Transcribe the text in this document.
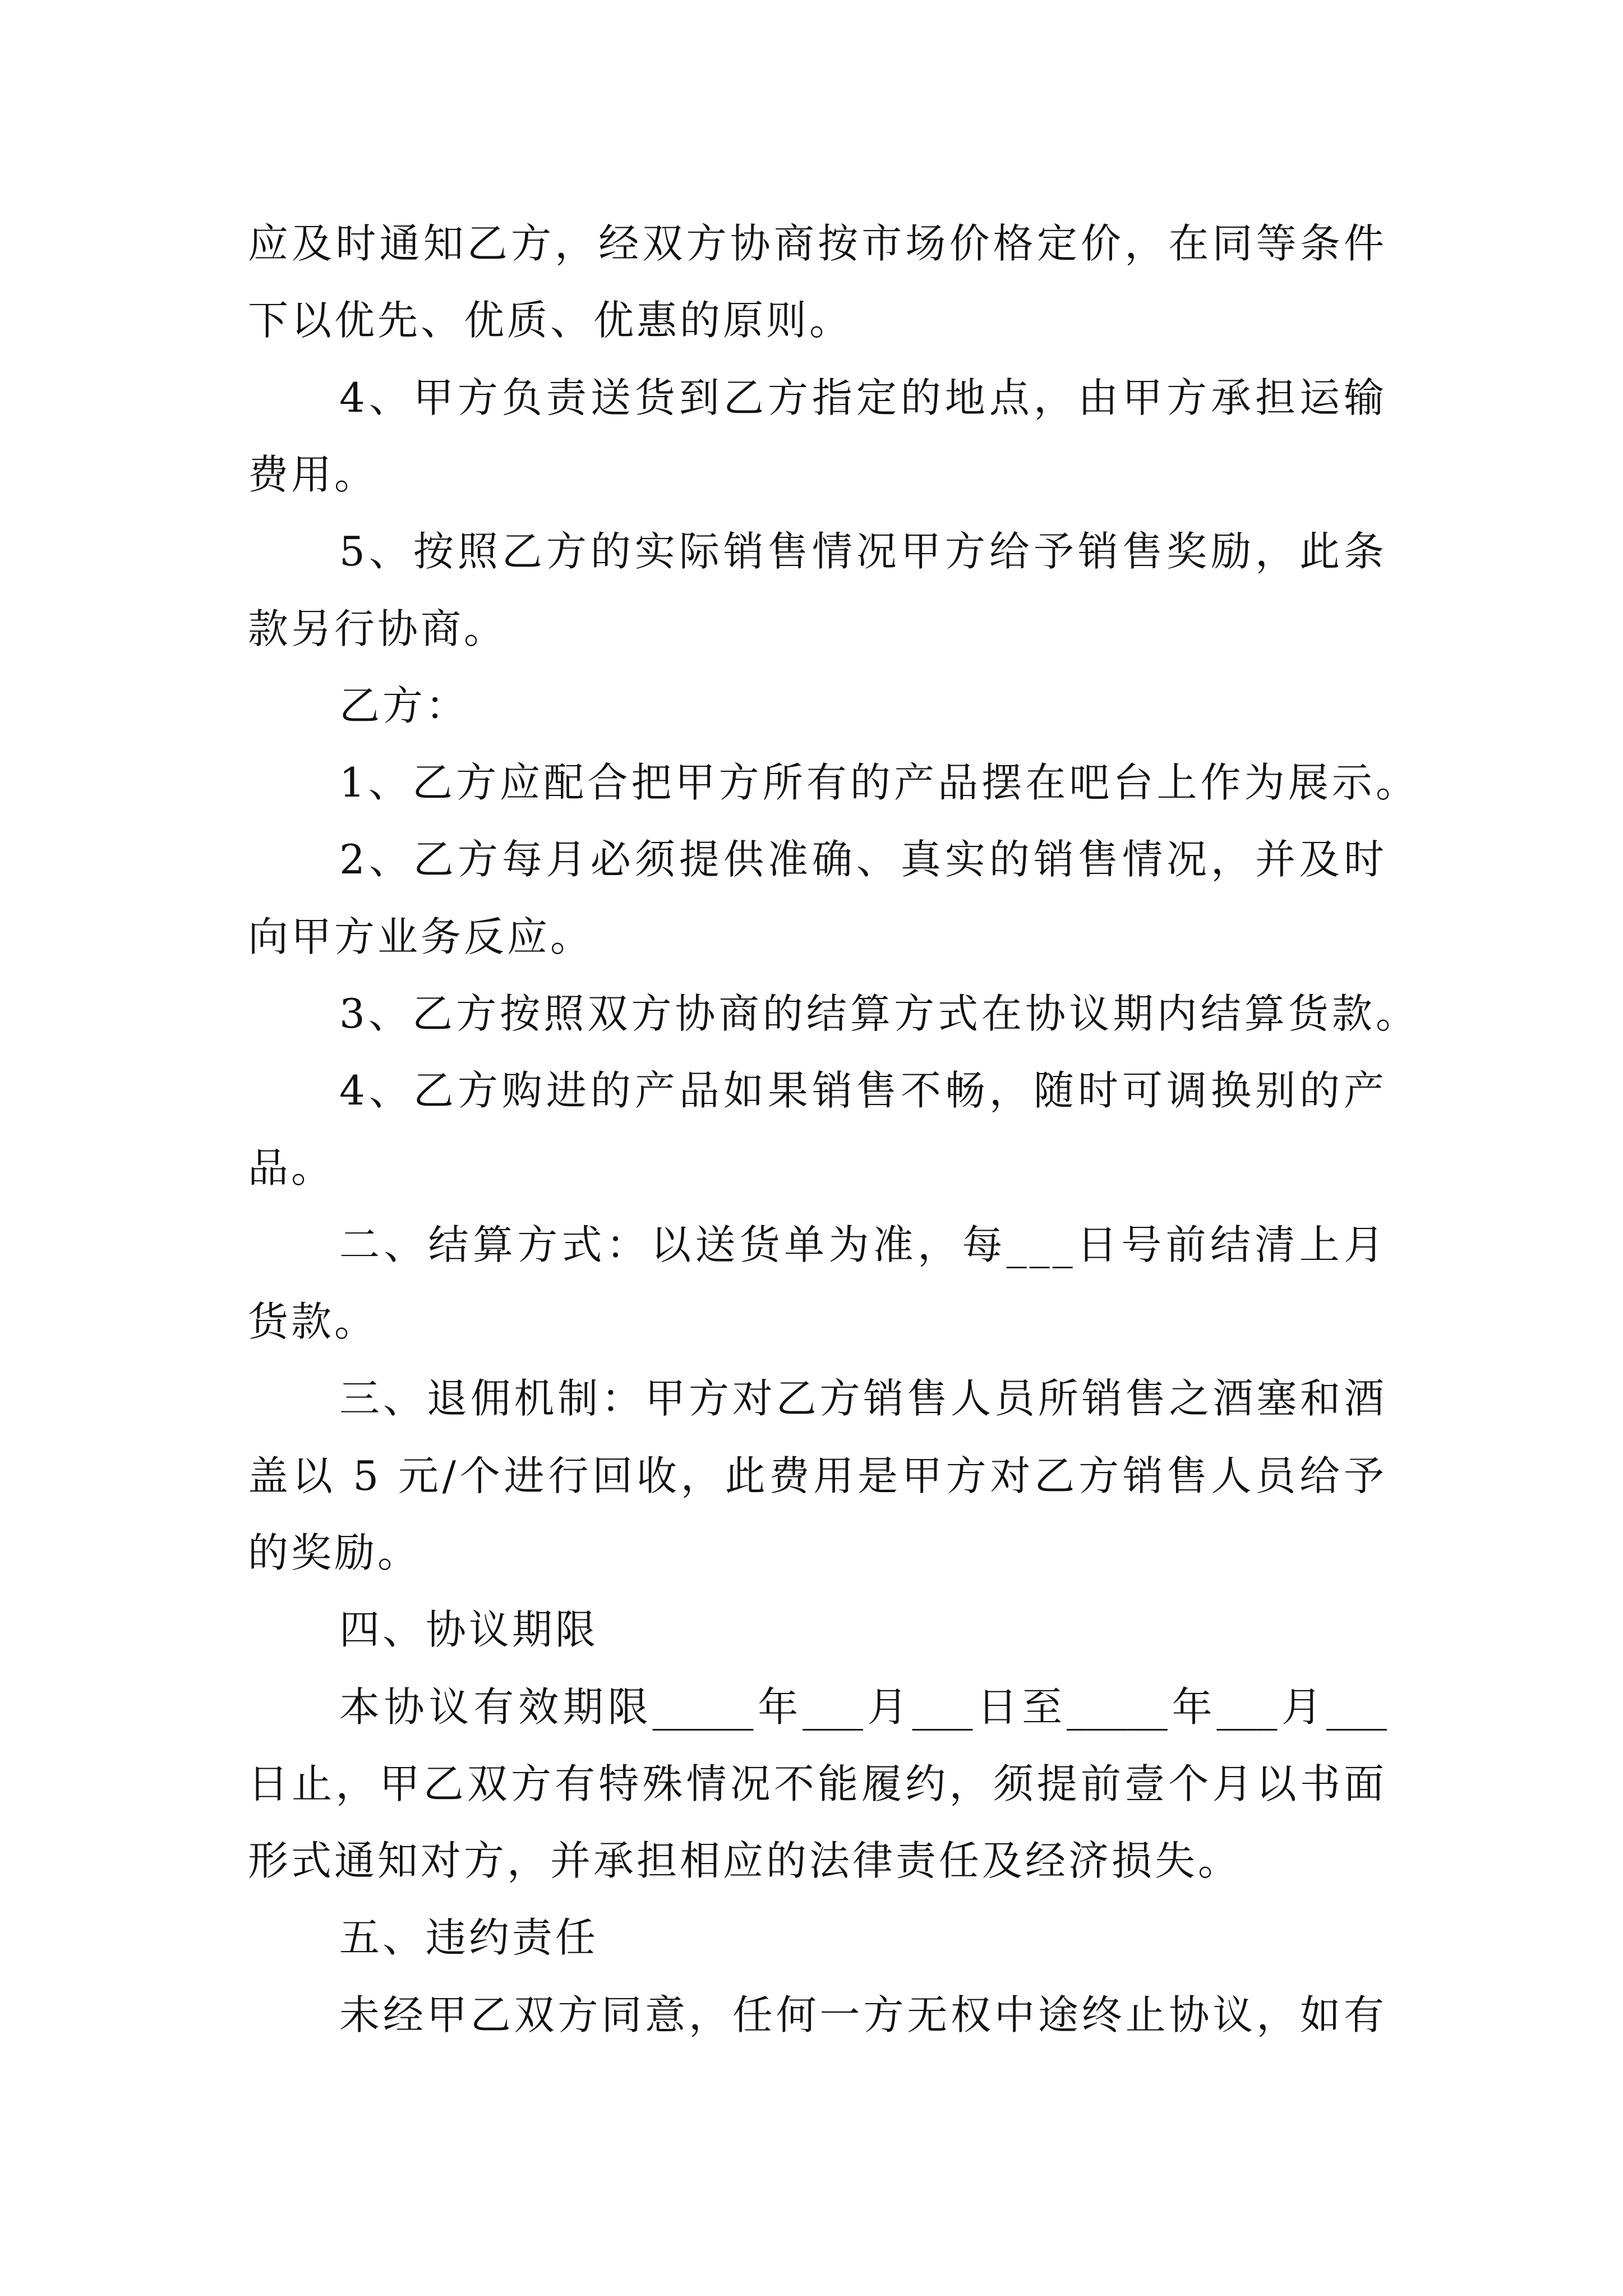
应及时通知乙方，经双方协商按市场价格定价，在同等条件
下以优先、优质、优惠的原则。
4、甲方负责送货到乙方指定的地点，由甲方承担运输
费用。
5、按照乙方的实际销售情况甲方给予销售奖励，此条
款另行协商。
乙方：
1、乙方应配合把甲方所有的产品摆在吧台上作为展示。
2、乙方每月必须提供准确、真实的销售情况，并及时
向甲方业务反应。
3、乙方按照双方协商的结算方式在协议期内结算货款。
4、乙方购进的产品如果销售不畅，随时可调换别的产
品。
二、结算方式：以送货单为准，每___日号前结清上月
货款。
三、退佣机制：甲方对乙方销售人员所销售之酒塞和酒
盖以 5 元/个进行回收，此费用是甲方对乙方销售人员给予
的奖励。
四、协议期限
本协议有效期限_____年___月___日至_____年___月___
日止，甲乙双方有特殊情况不能履约，须提前壹个月以书面
形式通知对方，并承担相应的法律责任及经济损失。
五、违约责任
未经甲乙双方同意，任何一方无权中途终止协议，如有
